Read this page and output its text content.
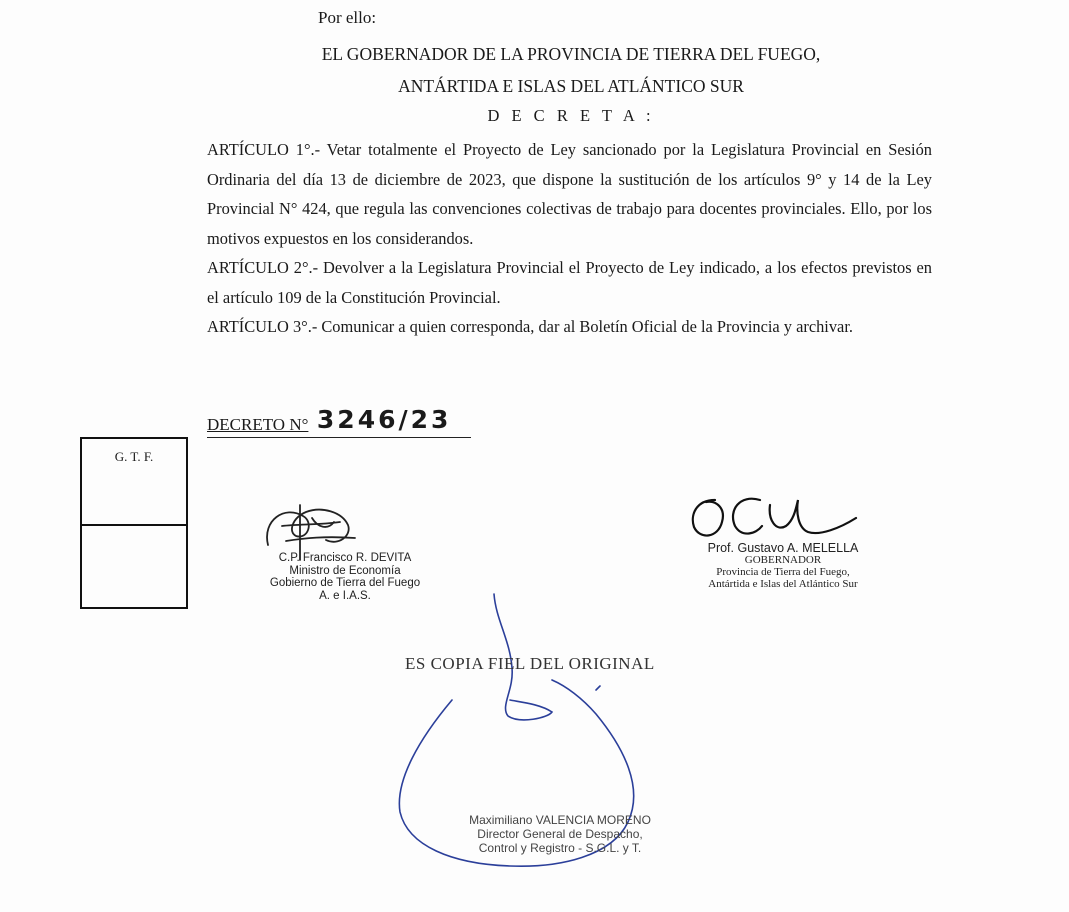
Por ello:
EL GOBERNADOR DE LA PROVINCIA DE TIERRA DEL FUEGO,
ANTÁRTIDA E ISLAS DEL ATLÁNTICO SUR
D E C R E T A :

ARTÍCULO 1°.- Vetar totalmente el Proyecto de Ley sancionado por la Legislatura Provincial en Sesión Ordinaria del día 13 de diciembre de 2023, que dispone la sustitución de los artículos 9° y 14 de la Ley Provincial N° 424, que regula las convenciones colectivas de trabajo para docentes provinciales. Ello, por los motivos expuestos en los considerandos.

ARTÍCULO 2°.- Devolver a la Legislatura Provincial el Proyecto de Ley indicado, a los efectos previstos en el artículo 109 de la Constitución Provincial.

ARTÍCULO 3°.- Comunicar a quien corresponda, dar al Boletín Oficial de la Provincia y archivar.

DECRETO N° 3246/23
G. T. F.
C.P. Francisco R. DEVITA
Ministro de Economía
Gobierno de Tierra del Fuego
A. e I.A.S.
Prof. Gustavo A. MELELLA
GOBERNADOR
Provincia de Tierra del Fuego,
Antártida e Islas del Atlántico Sur
ES COPIA FIEL DEL ORIGINAL
Maximiliano VALENCIA MORENO
Director General de Despacho,
Control y Registro - S.G.L. y T.
